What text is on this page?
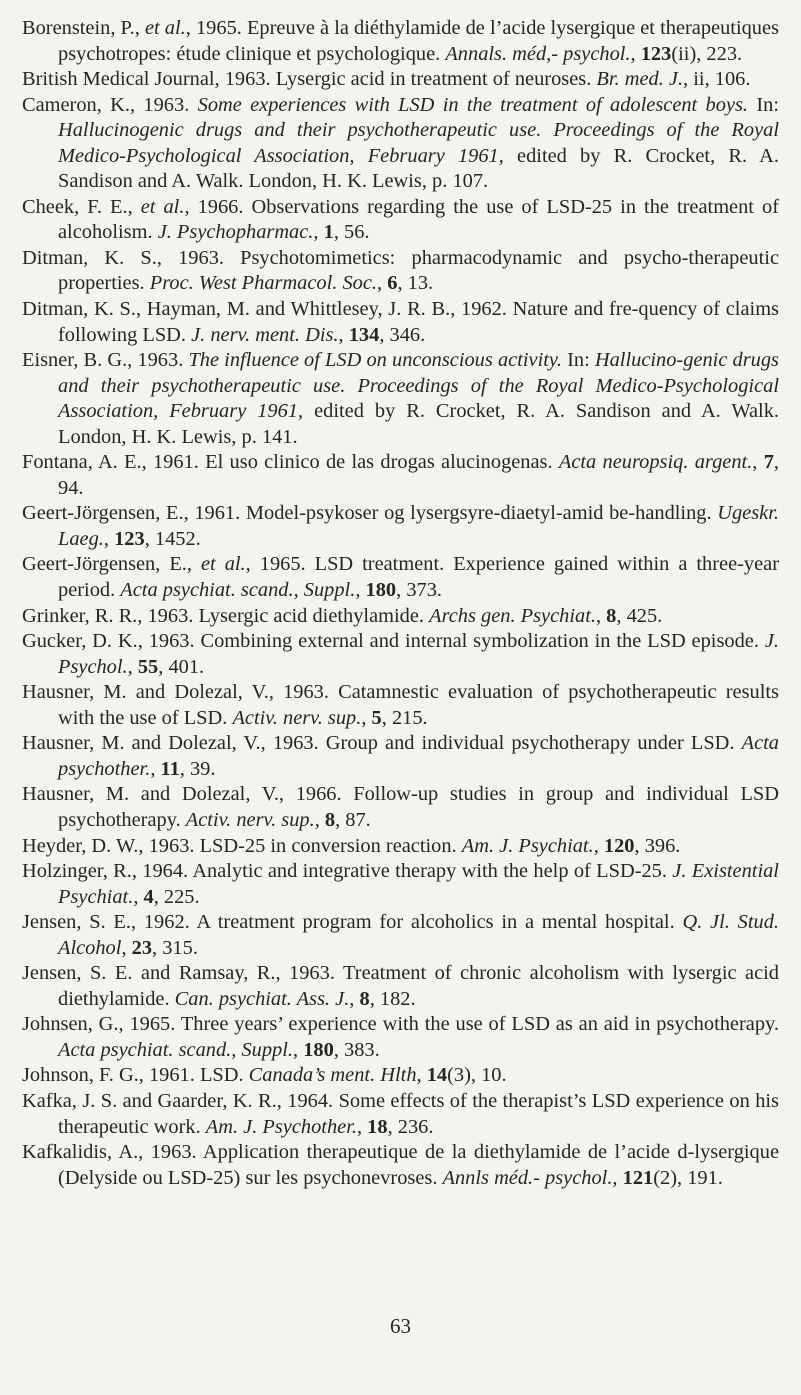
Borenstein, P., et al., 1965. Epreuve à la diéthylamide de l’acide lysergique et therapeutiques psychotropes: étude clinique et psychologique. Annals. méd,- psychol., 123(ii), 223.

British Medical Journal, 1963. Lysergic acid in treatment of neuroses. Br. med. J., ii, 106.

Cameron, K., 1963. Some experiences with LSD in the treatment of adolescent boys. In: Hallucinogenic drugs and their psychotherapeutic use. Proceedings of the Royal Medico-Psychological Association, February 1961, edited by R. Crocket, R. A. Sandison and A. Walk. London, H. K. Lewis, p. 107.

Cheek, F. E., et al., 1966. Observations regarding the use of LSD-25 in the treatment of alcoholism. J. Psychopharmac., 1, 56.

Ditman, K. S., 1963. Psychotomimetics: pharmacodynamic and psycho-therapeutic properties. Proc. West Pharmacol. Soc., 6, 13.

Ditman, K. S., Hayman, M. and Whittlesey, J. R. B., 1962. Nature and fre-quency of claims following LSD. J. nerv. ment. Dis., 134, 346.

Eisner, B. G., 1963. The influence of LSD on unconscious activity. In: Hallucino-genic drugs and their psychotherapeutic use. Proceedings of the Royal Medico-Psychological Association, February 1961, edited by R. Crocket, R. A. Sandison and A. Walk. London, H. K. Lewis, p. 141.

Fontana, A. E., 1961. El uso clinico de las drogas alucinogenas. Acta neuropsiq. argent., 7, 94.

Geert-Jörgensen, E., 1961. Model-psykoser og lysergsyre-diaetyl-amid be-handling. Ugeskr. Laeg., 123, 1452.

Geert-Jörgensen, E., et al., 1965. LSD treatment. Experience gained within a three-year period. Acta psychiat. scand., Suppl., 180, 373.

Grinker, R. R., 1963. Lysergic acid diethylamide. Archs gen. Psychiat., 8, 425.

Gucker, D. K., 1963. Combining external and internal symbolization in the LSD episode. J. Psychol., 55, 401.

Hausner, M. and Dolezal, V., 1963. Catamnestic evaluation of psychotherapeutic results with the use of LSD. Activ. nerv. sup., 5, 215.

Hausner, M. and Dolezal, V., 1963. Group and individual psychotherapy under LSD. Acta psychother., 11, 39.

Hausner, M. and Dolezal, V., 1966. Follow-up studies in group and individual LSD psychotherapy. Activ. nerv. sup., 8, 87.

Heyder, D. W., 1963. LSD-25 in conversion reaction. Am. J. Psychiat., 120, 396.

Holzinger, R., 1964. Analytic and integrative therapy with the help of LSD-25. J. Existential Psychiat., 4, 225.

Jensen, S. E., 1962. A treatment program for alcoholics in a mental hospital. Q. Jl. Stud. Alcohol, 23, 315.

Jensen, S. E. and Ramsay, R., 1963. Treatment of chronic alcoholism with lysergic acid diethylamide. Can. psychiat. Ass. J., 8, 182.

Johnsen, G., 1965. Three years’ experience with the use of LSD as an aid in psychotherapy. Acta psychiat. scand., Suppl., 180, 383.

Johnson, F. G., 1961. LSD. Canada’s ment. Hlth, 14(3), 10.

Kafka, J. S. and Gaarder, K. R., 1964. Some effects of the therapist’s LSD experience on his therapeutic work. Am. J. Psychother., 18, 236.

Kafkalidis, A., 1963. Application therapeutique de la diethylamide de l’acide d-lysergique (Delyside ou LSD-25) sur les psychonevroses. Annls méd.- psychol., 121(2), 191.

63
